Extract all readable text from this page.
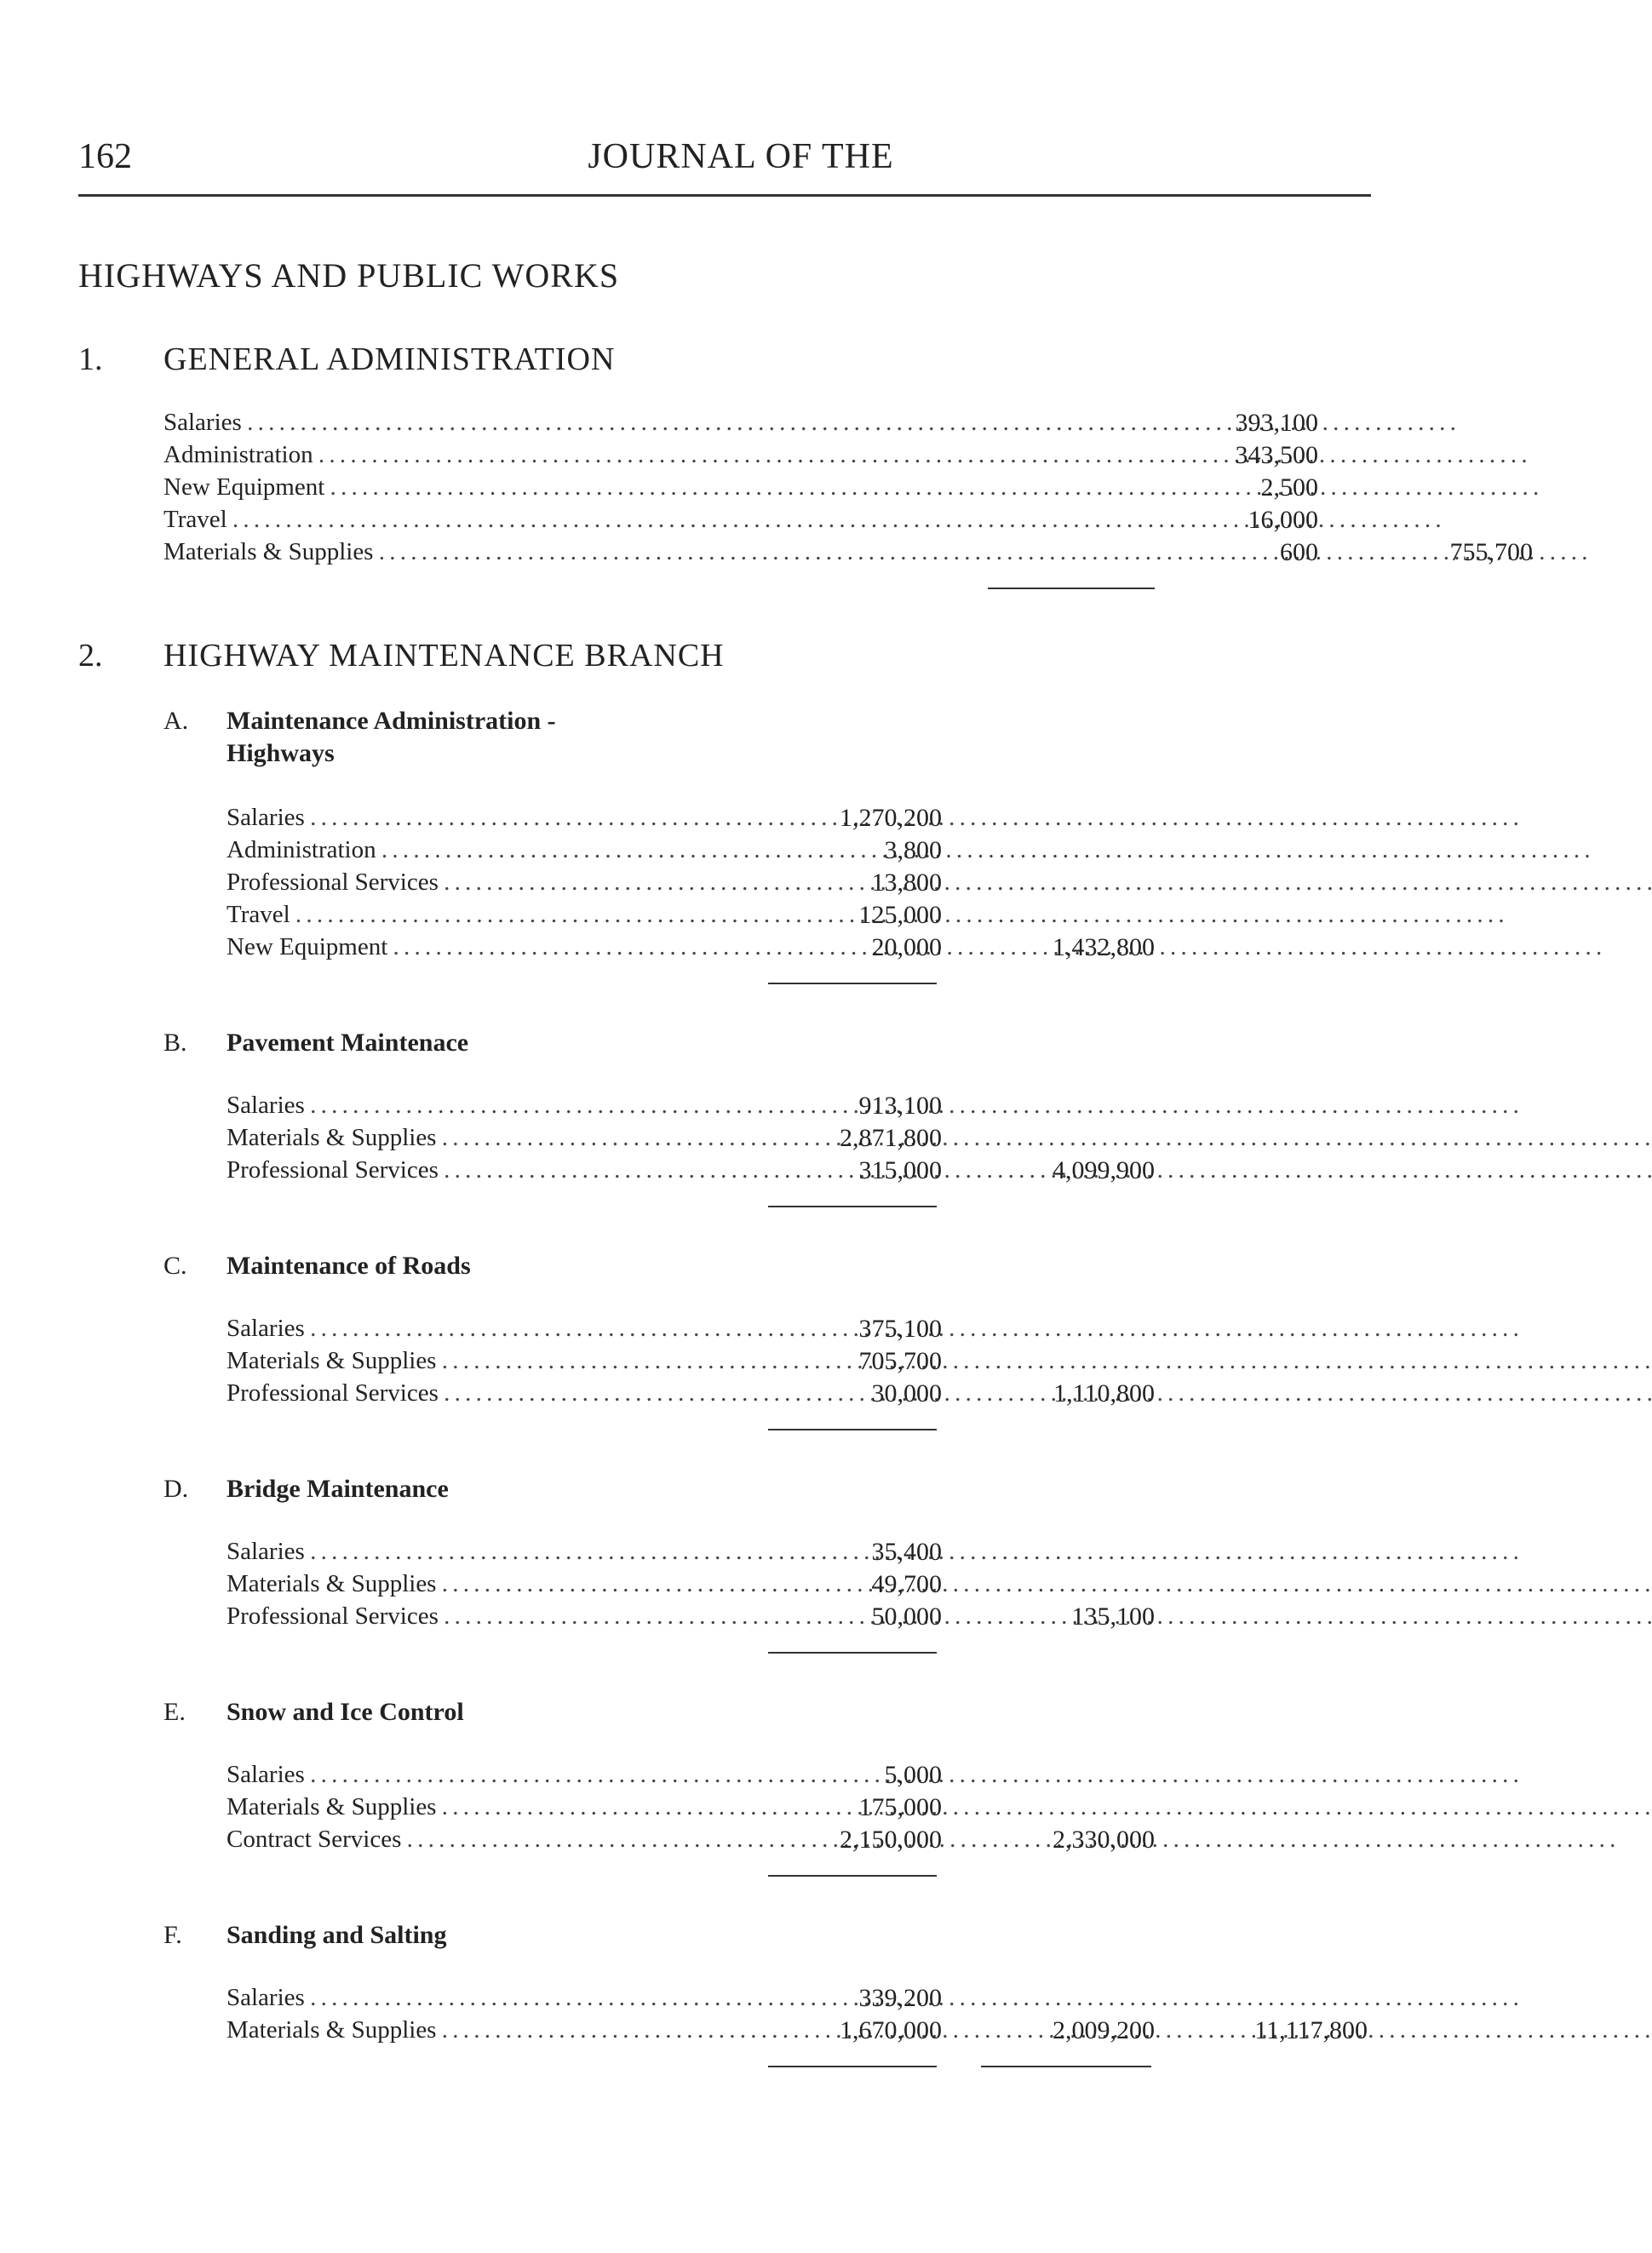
162	JOURNAL OF THE
HIGHWAYS AND PUBLIC WORKS
1. GENERAL ADMINISTRATION
Salaries . . .	393,100
Administration . . .	343,500
New Equipment . . .	2,500
Travel . . .	16,000
Materials & Supplies . . .	600	755,700
2. HIGHWAY MAINTENANCE BRANCH
A. Maintenance Administration -
Highways
Salaries . . .	1,270,200
Administration . . .	3,800
Professional Services . . .	13,800
Travel . . .	125,000
New Equipment . . .	20,000	1,432,800
B. Pavement Maintenace
Salaries . . .	913,100
Materials & Supplies . . .	2,871,800
Professional Services . . .	315,000	4,099,900
C. Maintenance of Roads
Salaries . . .	375,100
Materials & Supplies . . .	705,700
Professional Services . . .	30,000	1,110,800
D. Bridge Maintenance
Salaries . . .	35,400
Materials & Supplies . . .	49,700
Professional Services . . .	50,000	135,100
E. Snow and Ice Control
Salaries . . .	5,000
Materials & Supplies . . .	175,000
Contract Services . . .	2,150,000	2,330,000
F. Sanding and Salting
Salaries . . .	339,200
Materials & Supplies . . .	1,670,000	2,009,200	11,117,800
